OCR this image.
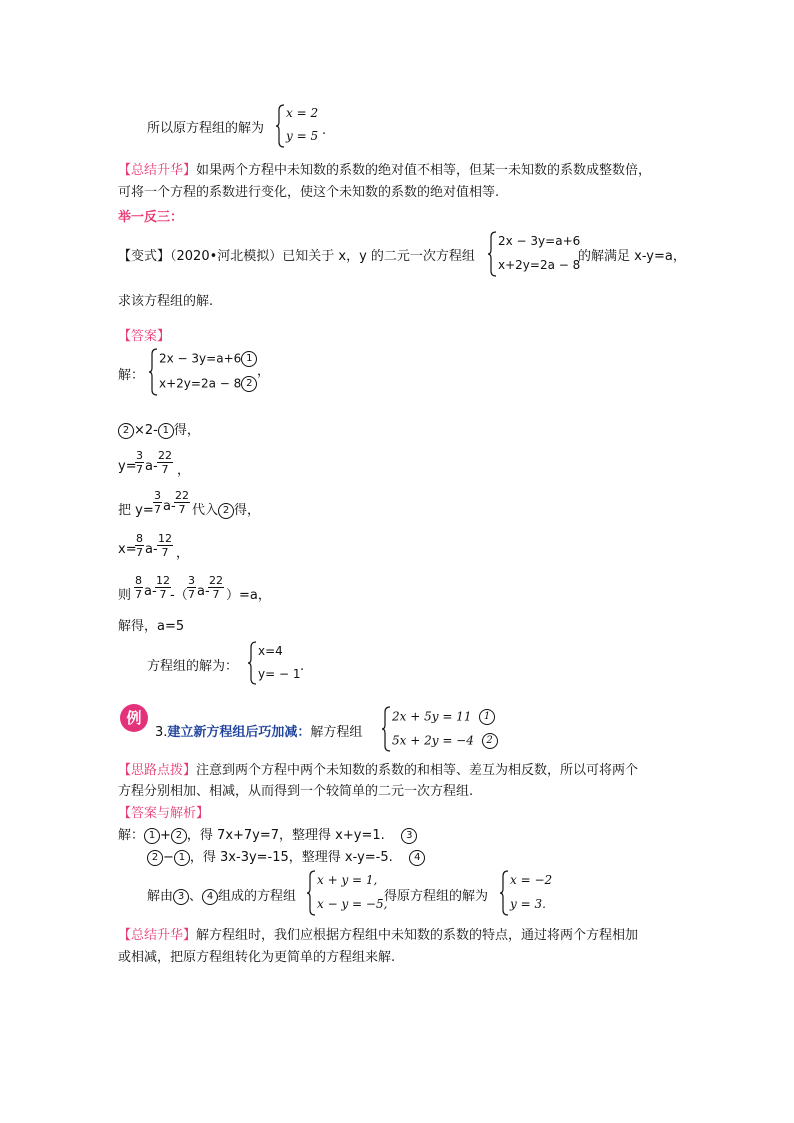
所以原方程组的解为
x = 2
y = 5 .
【总结升华】如果两个方程中未知数的系数的绝对值不相等，但某一未知数的系数成整数倍，
可将一个方程的系数进行变化，使这个未知数的系数的绝对值相等.
举一反三：
【变式】（2020•河北模拟）已知关于 x，y 的二元一次方程组
2x − 3y=a+6
x+2y=2a − 8
的解满足 x-y=a，
求该方程组的解.
【答案】
解：
2x − 3y=a+6 1
x+2y=2a − 8 2
，
2 ×2- 1 得，
y=
$\frac{3}{7} a- \frac{22}{7}$ ，
把 $y= \frac{3}{7} a-$
$\frac{22}{7}$ 代入 2 得，
x=
$\frac{8}{7} a- \frac{12}{7}$ ，
则 $\frac{8}{7} a-$
$\frac{12}{7}$ -（ $\frac{3}{7} a-$
$\frac{22}{7} )=a$，
解得，a=5
方程组的解为：
x=4
y= − 1 .
例
3.建立新方程组后巧加减：解方程组
2x + 5y = 11 1
5x + 2y = −4 2
【思路点拨】注意到两个方程中两个未知数的系数的和相等、差互为相反数，所以可将两个
方程分别相加、相减，从而得到一个较简单的二元一次方程组.
【答案与解析】
解： 1 + 2 ，得 7x+7y=7，整理得 x+y=1. 3
2 − 1 ，得 3x-3y=-15，整理得 x-y=-5. 4
解由 3 、 4 组成的方程组
x + y = 1,
x − y = −5,
得原方程组的解为
x = −2
y = 3.
【总结升华】解方程组时，我们应根据方程组中未知数的系数的特点，通过将两个方程相加
或相减，把原方程组转化为更简单的方程组来解.
